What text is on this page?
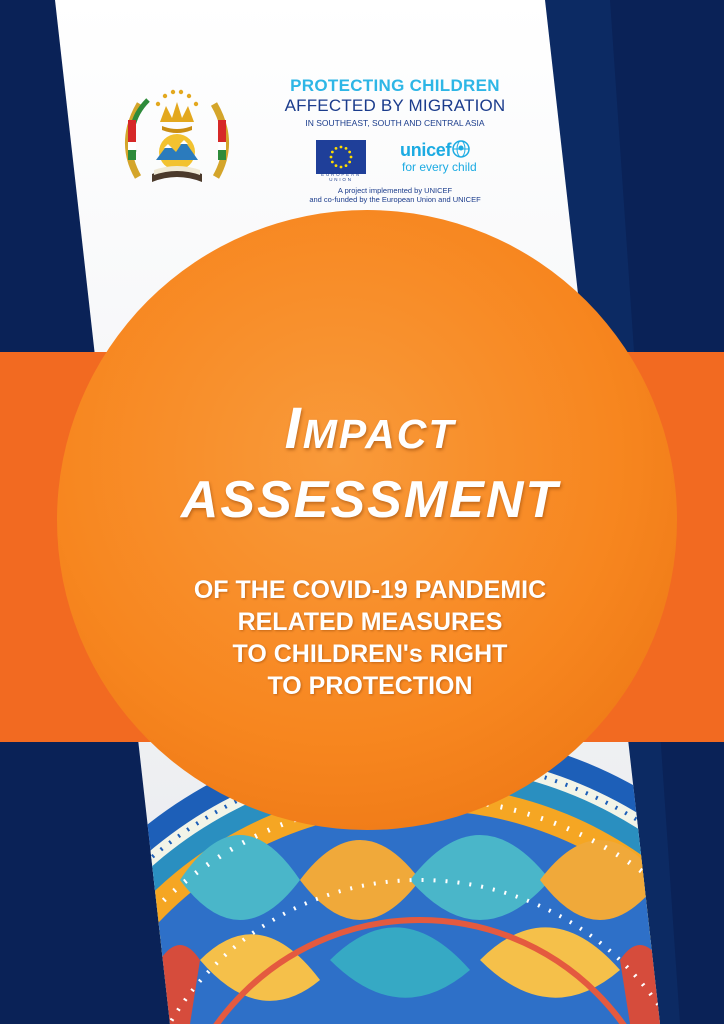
PROTECTING CHILDREN
AFFECTED BY MIGRATION
IN SOUTHEAST, SOUTH AND CENTRAL ASIA
EUROPEAN UNION
unicef
for every child
A project implemented by UNICEF
and co-funded by the European Union and UNICEF
Impact
ASSESSMENT
OF THE COVID-19 PANDEMIC
RELATED MEASURES
TO CHILDREN's RIGHT
TO PROTECTION
